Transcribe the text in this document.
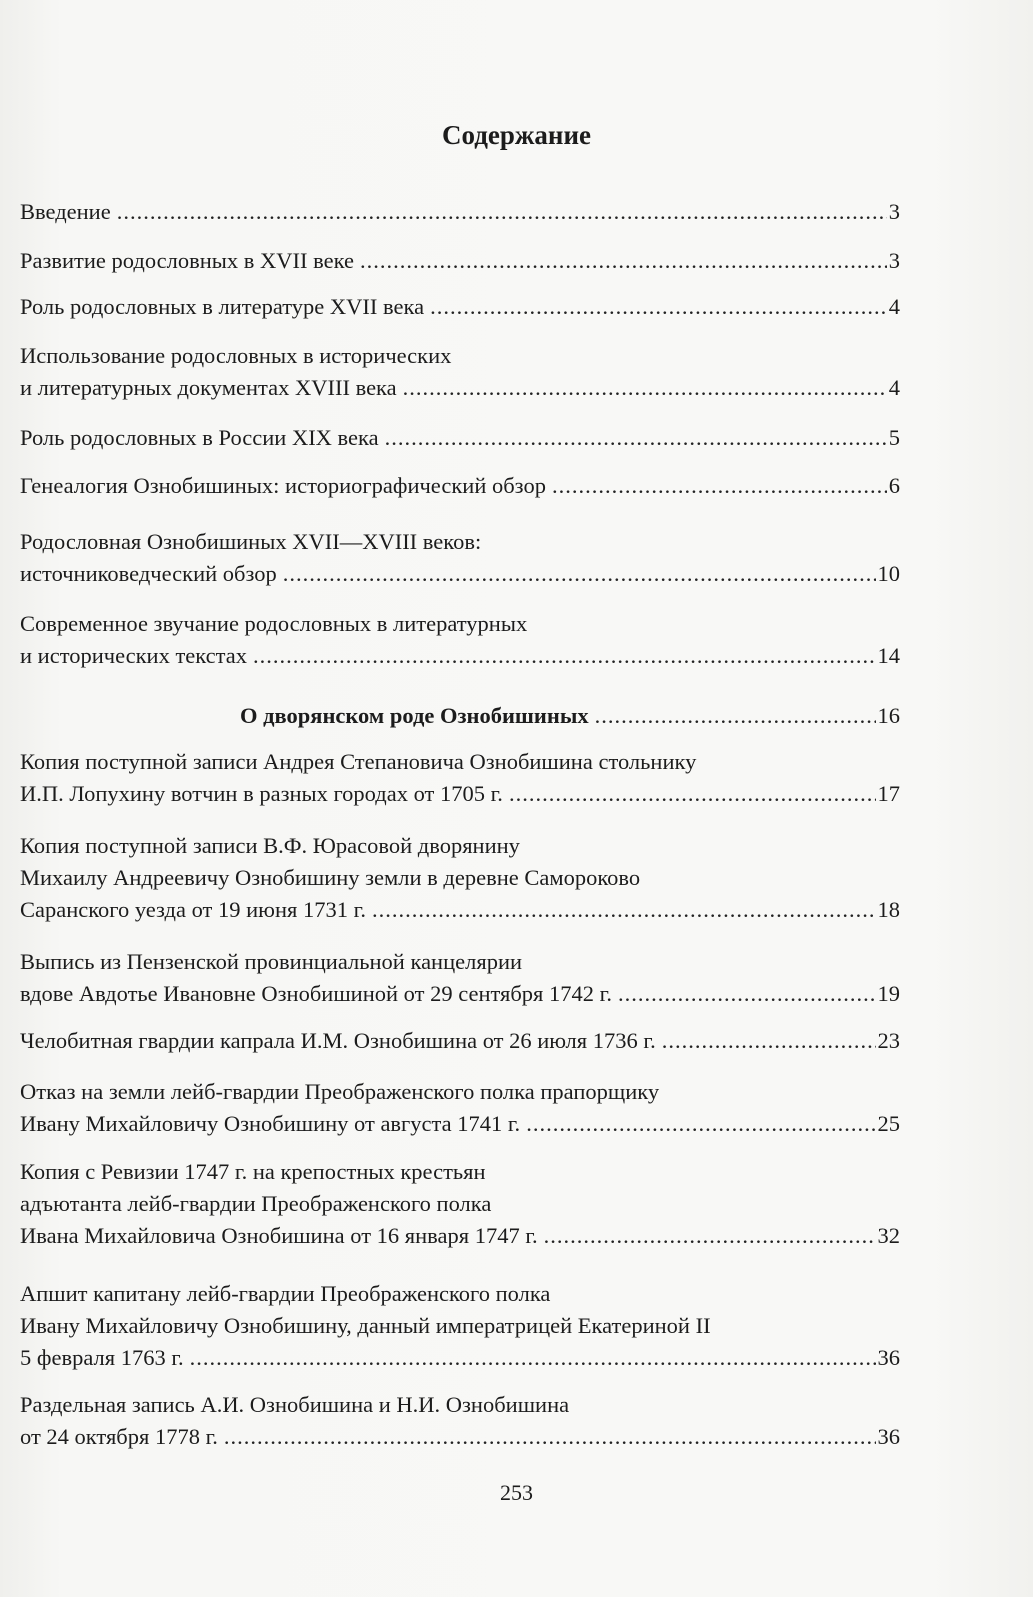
Содержание
Введение .....	3
Развитие родословных в XVII веке .....	3
Роль родословных в литературе XVII века .....	4
Использование родословных в исторических
и литературных документах XVIII века .....	4
Роль родословных в России XIX века .....	5
Генеалогия Ознобишиных: историографический обзор .....	6
Родословная Ознобишиных XVII—XVIII веков:
источниковедческий обзор .....	10
Современное звучание родословных в литературных
и исторических текстах .....	14
О дворянском роде Ознобишиных .....	16
Копия поступной записи Андрея Степановича Ознобишина стольнику
И.П. Лопухину вотчин в разных городах от 1705 г. .....	17
Копия поступной записи В.Ф. Юрасовой дворянину
Михаилу Андреевичу Ознобишину земли в деревне Самороково
Саранского уезда от 19 июня 1731 г. .....	18
Выпись из Пензенской провинциальной канцелярии
вдове Авдотье Ивановне Ознобишиной от 29 сентября 1742 г. .....	19
Челобитная гвардии капрала И.М. Ознобишина от 26 июля 1736 г. .....	23
Отказ на земли лейб-гвардии Преображенского полка прапорщику
Ивану Михайловичу Ознобишину от августа 1741 г. .....	25
Копия с Ревизии 1747 г. на крепостных крестьян
адъютанта лейб-гвардии Преображенского полка
Ивана Михайловича Ознобишина от 16 января 1747 г. .....	32
Апшит капитану лейб-гвардии Преображенского полка
Ивану Михайловичу Ознобишину, данный императрицей Екатериной II
5 февраля 1763 г. .....	36
Раздельная запись А.И. Ознобишина и Н.И. Ознобишина
от 24 октября 1778 г. .....	36
253
